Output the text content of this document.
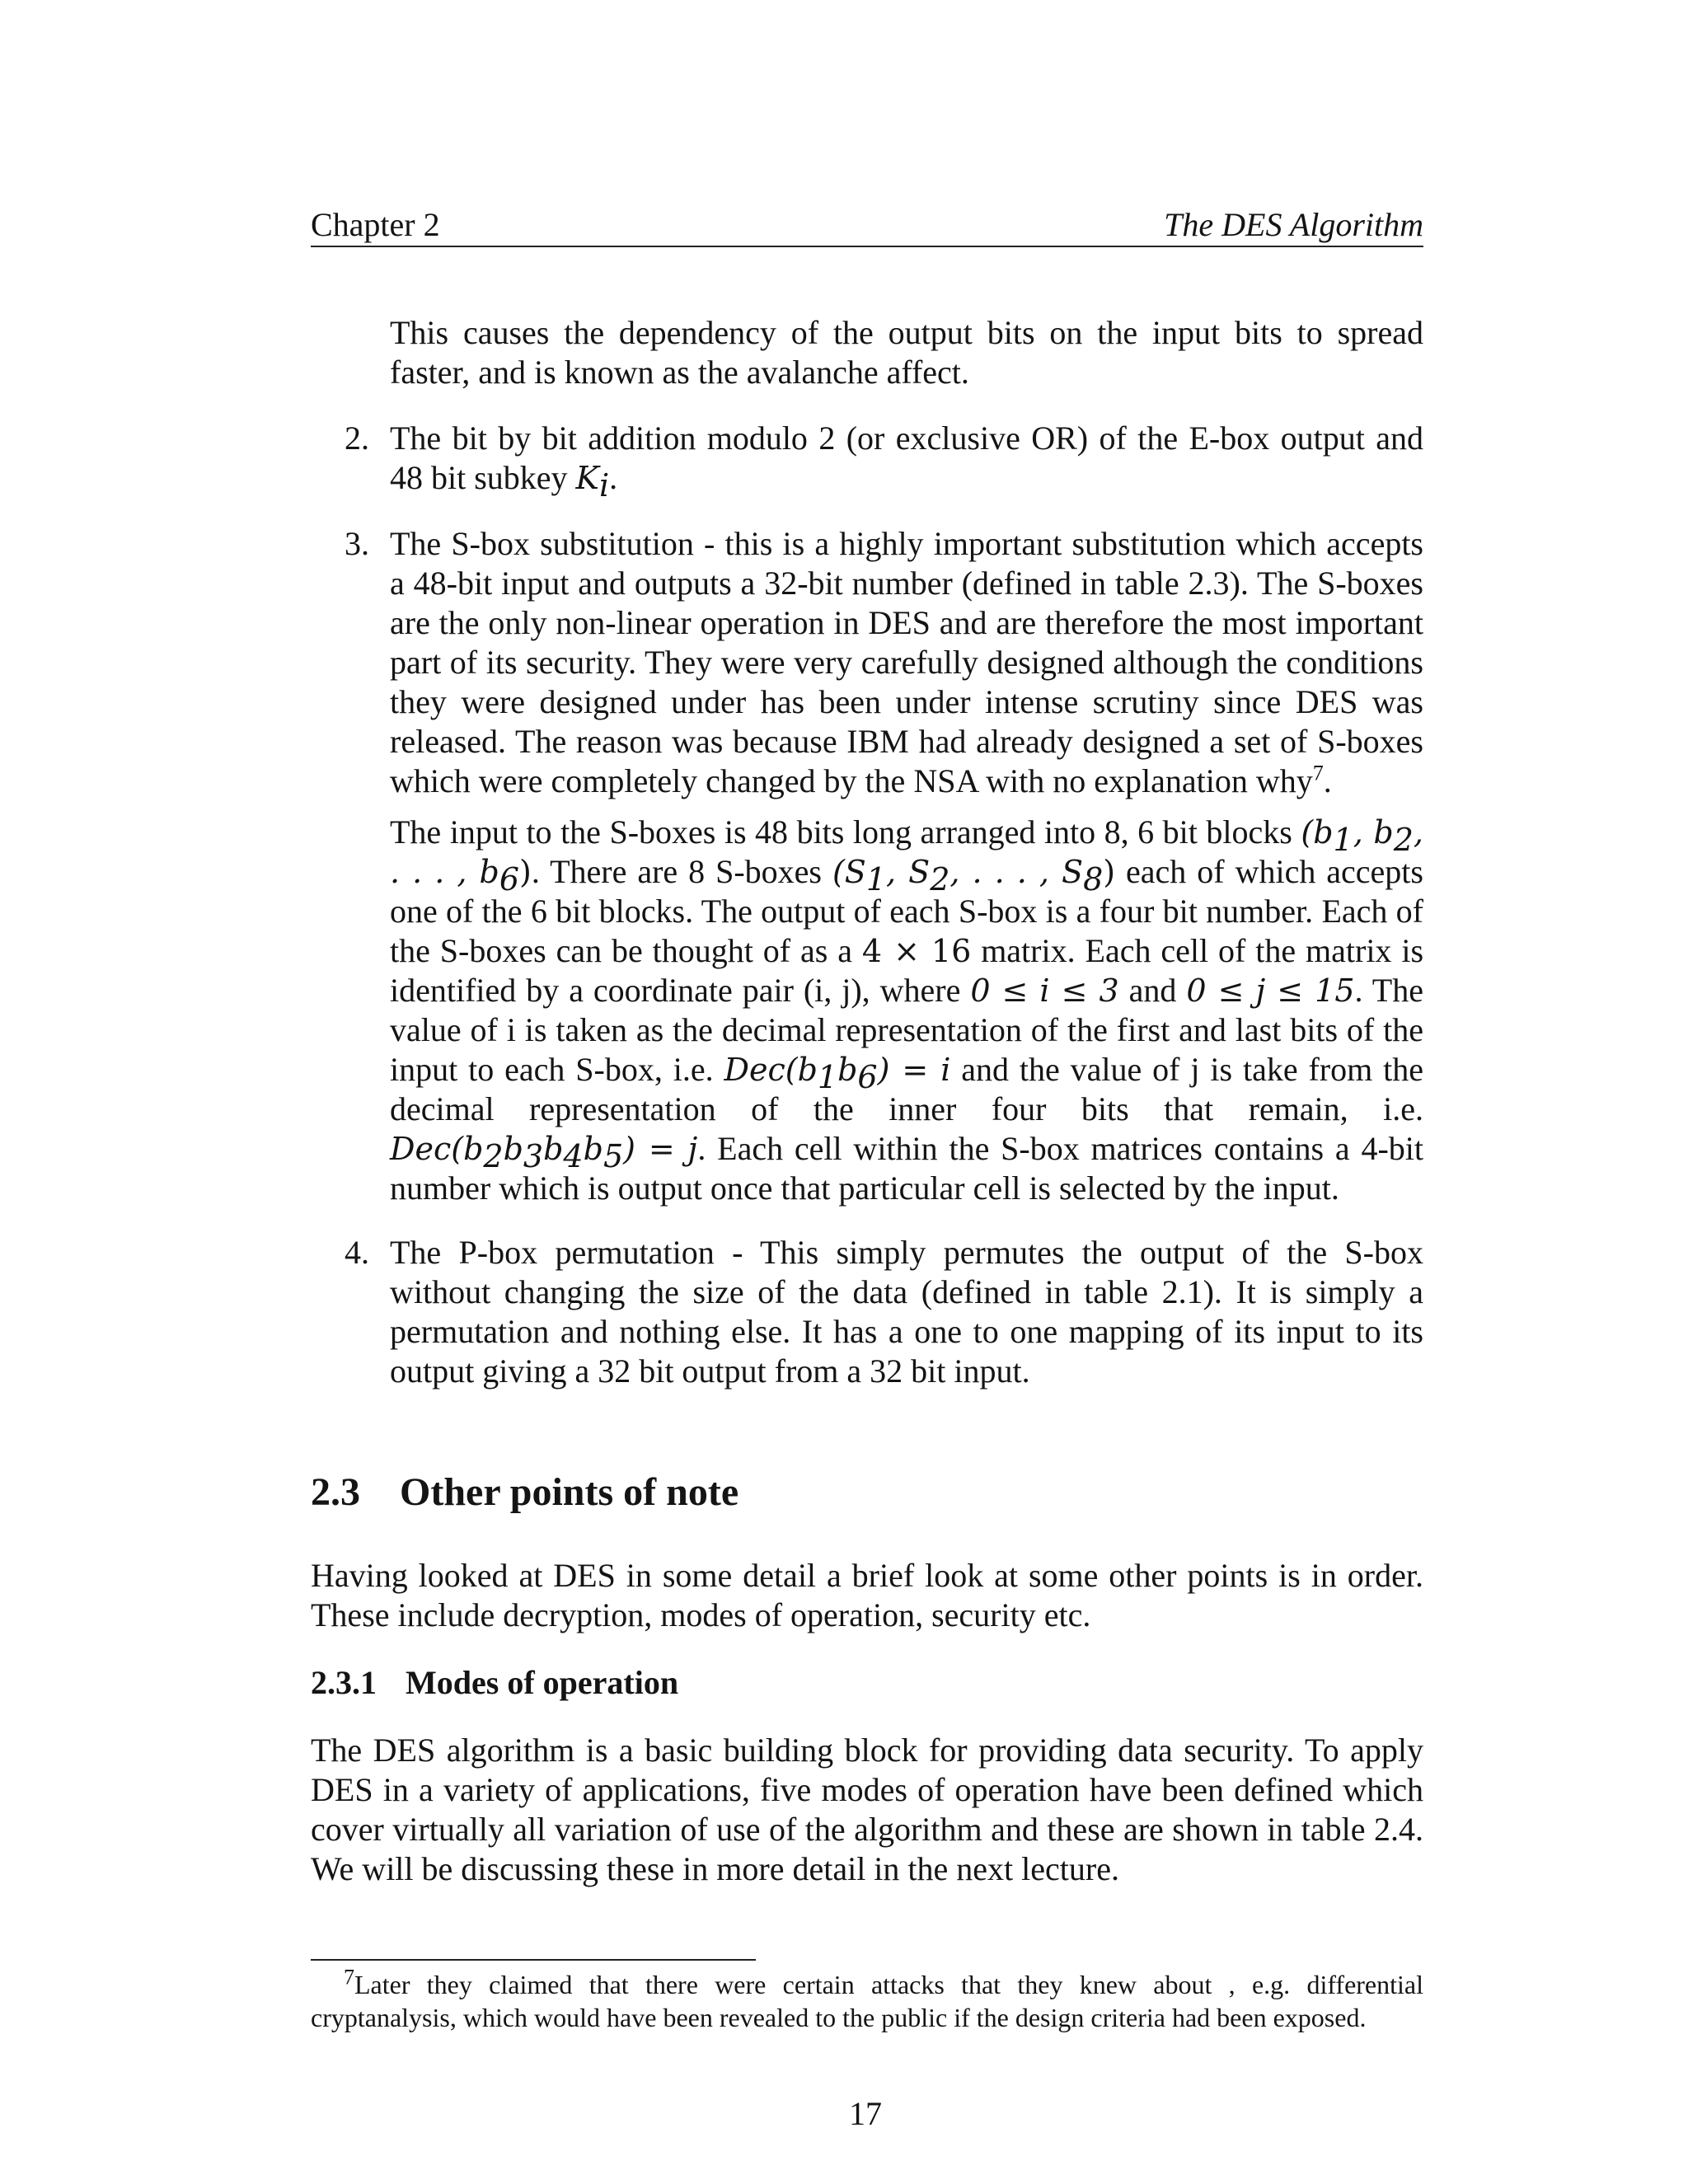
Chapter 2	The DES Algorithm
This causes the dependency of the output bits on the input bits to spread faster, and is known as the avalanche affect.
2. The bit by bit addition modulo 2 (or exclusive OR) of the E-box output and 48 bit subkey $K_i$.

3. The S-box substitution - this is a highly important substitution which accepts a 48-bit input and outputs a 32-bit number (defined in table 2.3). The S-boxes are the only non-linear operation in DES and are therefore the most important part of its security. They were very carefully designed although the conditions they were designed under has been under intense scrutiny since DES was released. The reason was because IBM had already designed a set of S-boxes which were completely changed by the NSA with no explanation why$^7$.

The input to the S-boxes is 48 bits long arranged into 8, 6 bit blocks ($b_1$, $b_2$, . . . , $b_6$). There are 8 S-boxes ($S_1$, $S_2$, . . . , $S_8$) each of which accepts one of the 6 bit blocks. The output of each S-box is a four bit number. Each of the S-boxes can be thought of as a 4 × 16 matrix. Each cell of the matrix is identified by a coordinate pair (i, j), where 0 ≤ i ≤ 3 and 0 ≤ j ≤ 15. The value of i is taken as the decimal representation of the first and last bits of the input to each S-box, i.e. $Dec(b_1b_6) = i$ and the value of j is take from the decimal representation of the inner four bits that remain, i.e. $Dec(b_2b_3b_4b_5) = j$. Each cell within the S-box matrices contains a 4-bit number which is output once that particular cell is selected by the input.

4. The P-box permutation - This simply permutes the output of the S-box without changing the size of the data (defined in table 2.1). It is simply a permutation and nothing else. It has a one to one mapping of its input to its output giving a 32 bit output from a 32 bit input.

2.3 Other points of note
Having looked at DES in some detail a brief look at some other points is in order. These include decryption, modes of operation, security etc.
2.3.1 Modes of operation
The DES algorithm is a basic building block for providing data security. To apply DES in a variety of applications, five modes of operation have been defined which cover virtually all variation of use of the algorithm and these are shown in table 2.4. We will be discussing these in more detail in the next lecture.
$^7$Later they claimed that there were certain attacks that they knew about , e.g. differential cryptanalysis, which would have been revealed to the public if the design criteria had been exposed.
17
